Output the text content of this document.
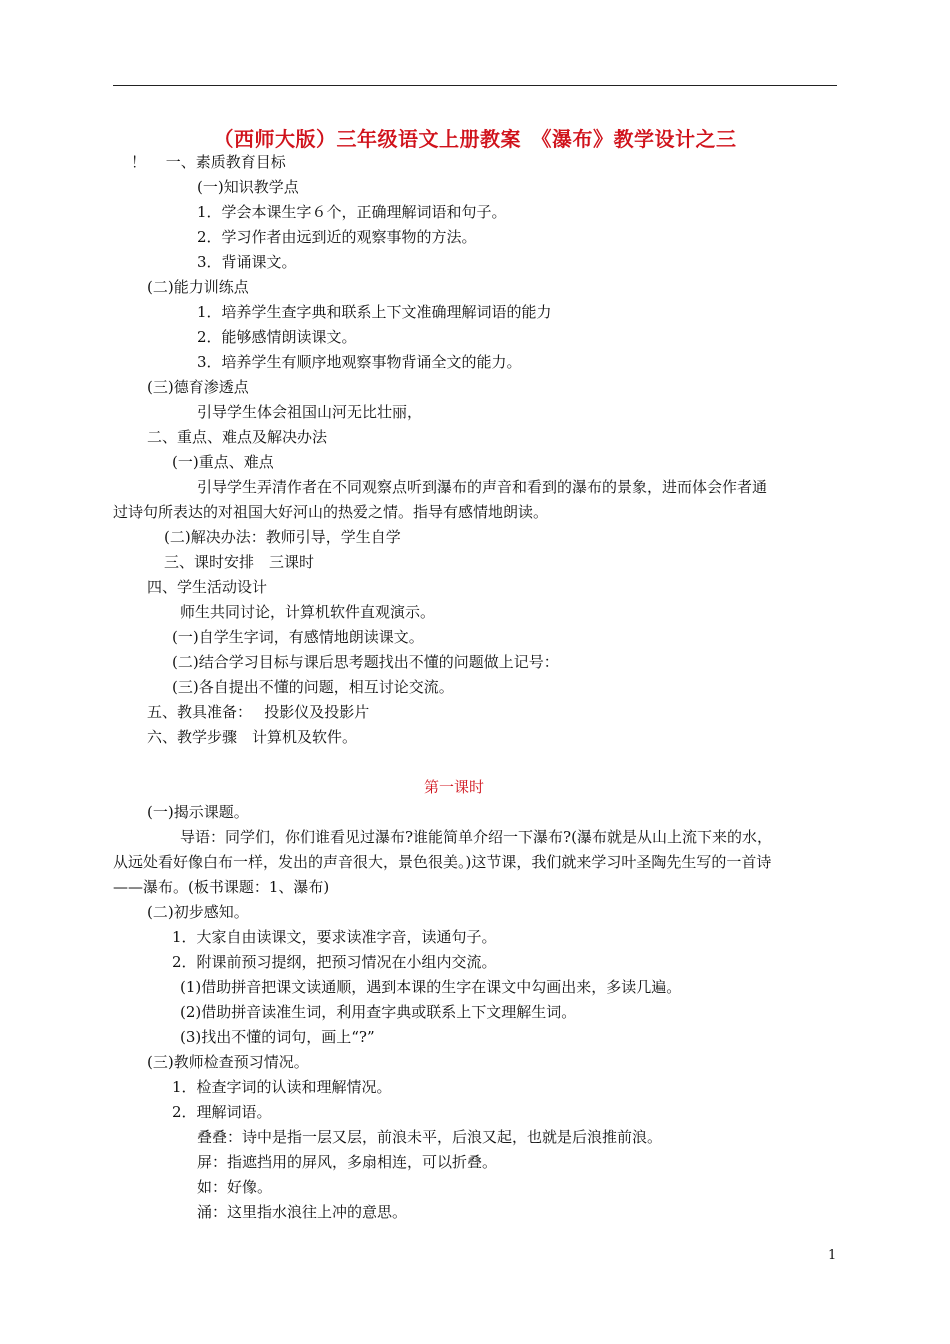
（西师大版）三年级语文上册教案　《瀑布》教学设计之三
！　 一、素质教育目标
(一)知识教学点
1．学会本课生字６个，正确理解词语和句子。
2．学习作者由远到近的观察事物的方法。
3．背诵课文。
(二)能力训练点
1．培养学生查字典和联系上下文准确理解词语的能力
2．能够感情朗读课文。
3．培养学生有顺序地观察事物背诵全文的能力。
(三)德育渗透点
引导学生体会祖国山河无比壮丽，
二、重点、难点及解决办法
(一)重点、难点
引导学生弄清作者在不同观察点听到瀑布的声音和看到的瀑布的景象，进而体会作者通
过诗句所表达的对祖国大好河山的热爱之情。指导有感情地朗读。
(二)解决办法：教师引导，学生自学
三、课时安排　三课时
四、学生活动设计
师生共同讨论，计算机软件直观演示。
(一)自学生字词，有感情地朗读课文。
(二)结合学习目标与课后思考题找出不懂的问题做上记号：
(三)各自提出不懂的问题，相互讨论交流。
五、教具准备：　 投影仪及投影片
六、教学步骤　计算机及软件。
第一课时
(一)揭示课题。
导语：同学们，你们谁看见过瀑布?谁能简单介绍一下瀑布?(瀑布就是从山上流下来的水，
从远处看好像白布一样，发出的声音很大，景色很美。)这节课，我们就来学习叶圣陶先生写的一首诗
——瀑布。(板书课题：1、瀑布)
(二)初步感知。
1．大家自由读课文，要求读准字音，读通句子。
2．附课前预习提纲，把预习情况在小组内交流。
(1)借助拼音把课文读通顺，遇到本课的生字在课文中勾画出来，多读几遍。
(2)借助拼音读准生词，利用查字典或联系上下文理解生词。
(3)找出不懂的词句，画上“?”
(三)教师检查预习情况。
1．检查字词的认读和理解情况。
2．理解词语。
叠叠：诗中是指一层又层，前浪未平，后浪又起，也就是后浪推前浪。
屏：指遮挡用的屏风，多扇相连，可以折叠。
如：好像。
涌：这里指水浪往上冲的意思。
1
